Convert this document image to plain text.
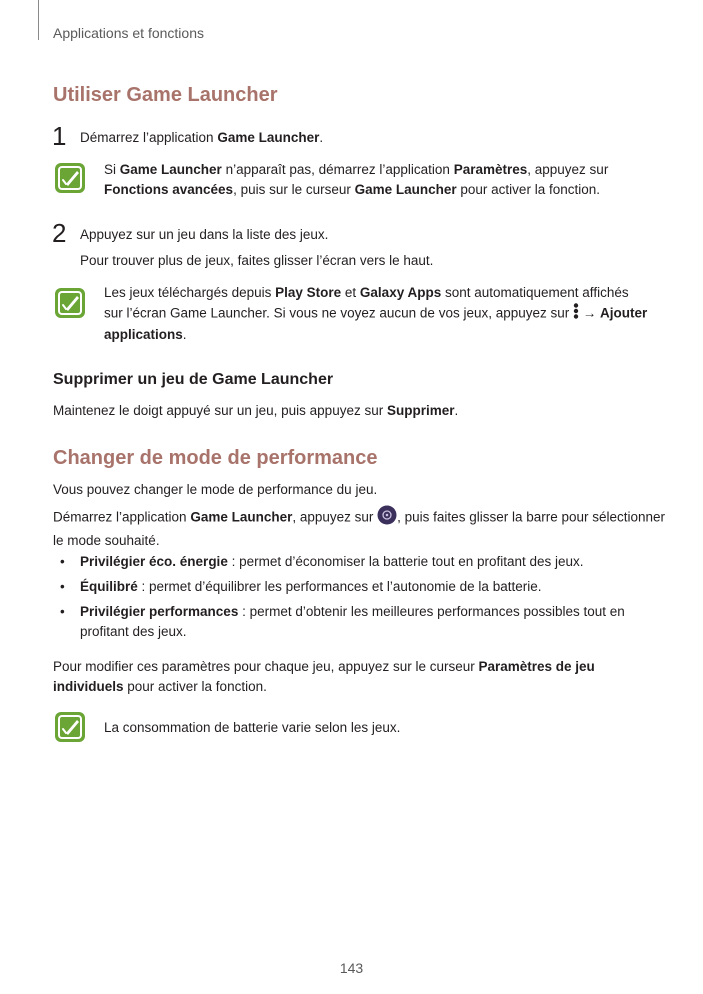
Applications et fonctions
Utiliser Game Launcher
1 Démarrez l’application Game Launcher.
Si Game Launcher n’apparaît pas, démarrez l’application Paramètres, appuyez sur
Fonctions avancées, puis sur le curseur Game Launcher pour activer la fonction.
2 Appuyez sur un jeu dans la liste des jeux.
Pour trouver plus de jeux, faites glisser l’écran vers le haut.
Les jeux téléchargés depuis Play Store et Galaxy Apps sont automatiquement affichés
sur l’écran Game Launcher. Si vous ne voyez aucun de vos jeux, appuyez sur  → Ajouter
applications.
Supprimer un jeu de Game Launcher
Maintenez le doigt appuyé sur un jeu, puis appuyez sur Supprimer.
Changer de mode de performance
Vous pouvez changer le mode de performance du jeu.
Démarrez l’application Game Launcher, appuyez sur , puis faites glisser la barre pour sélectionner
le mode souhaité.
• Privilégier éco. énergie : permet d’économiser la batterie tout en profitant des jeux.
• Équilibré : permet d’équilibrer les performances et l’autonomie de la batterie.
• Privilégier performances : permet d’obtenir les meilleures performances possibles tout en
profitant des jeux.
Pour modifier ces paramètres pour chaque jeu, appuyez sur le curseur Paramètres de jeu
individuels pour activer la fonction.
La consommation de batterie varie selon les jeux.
143
